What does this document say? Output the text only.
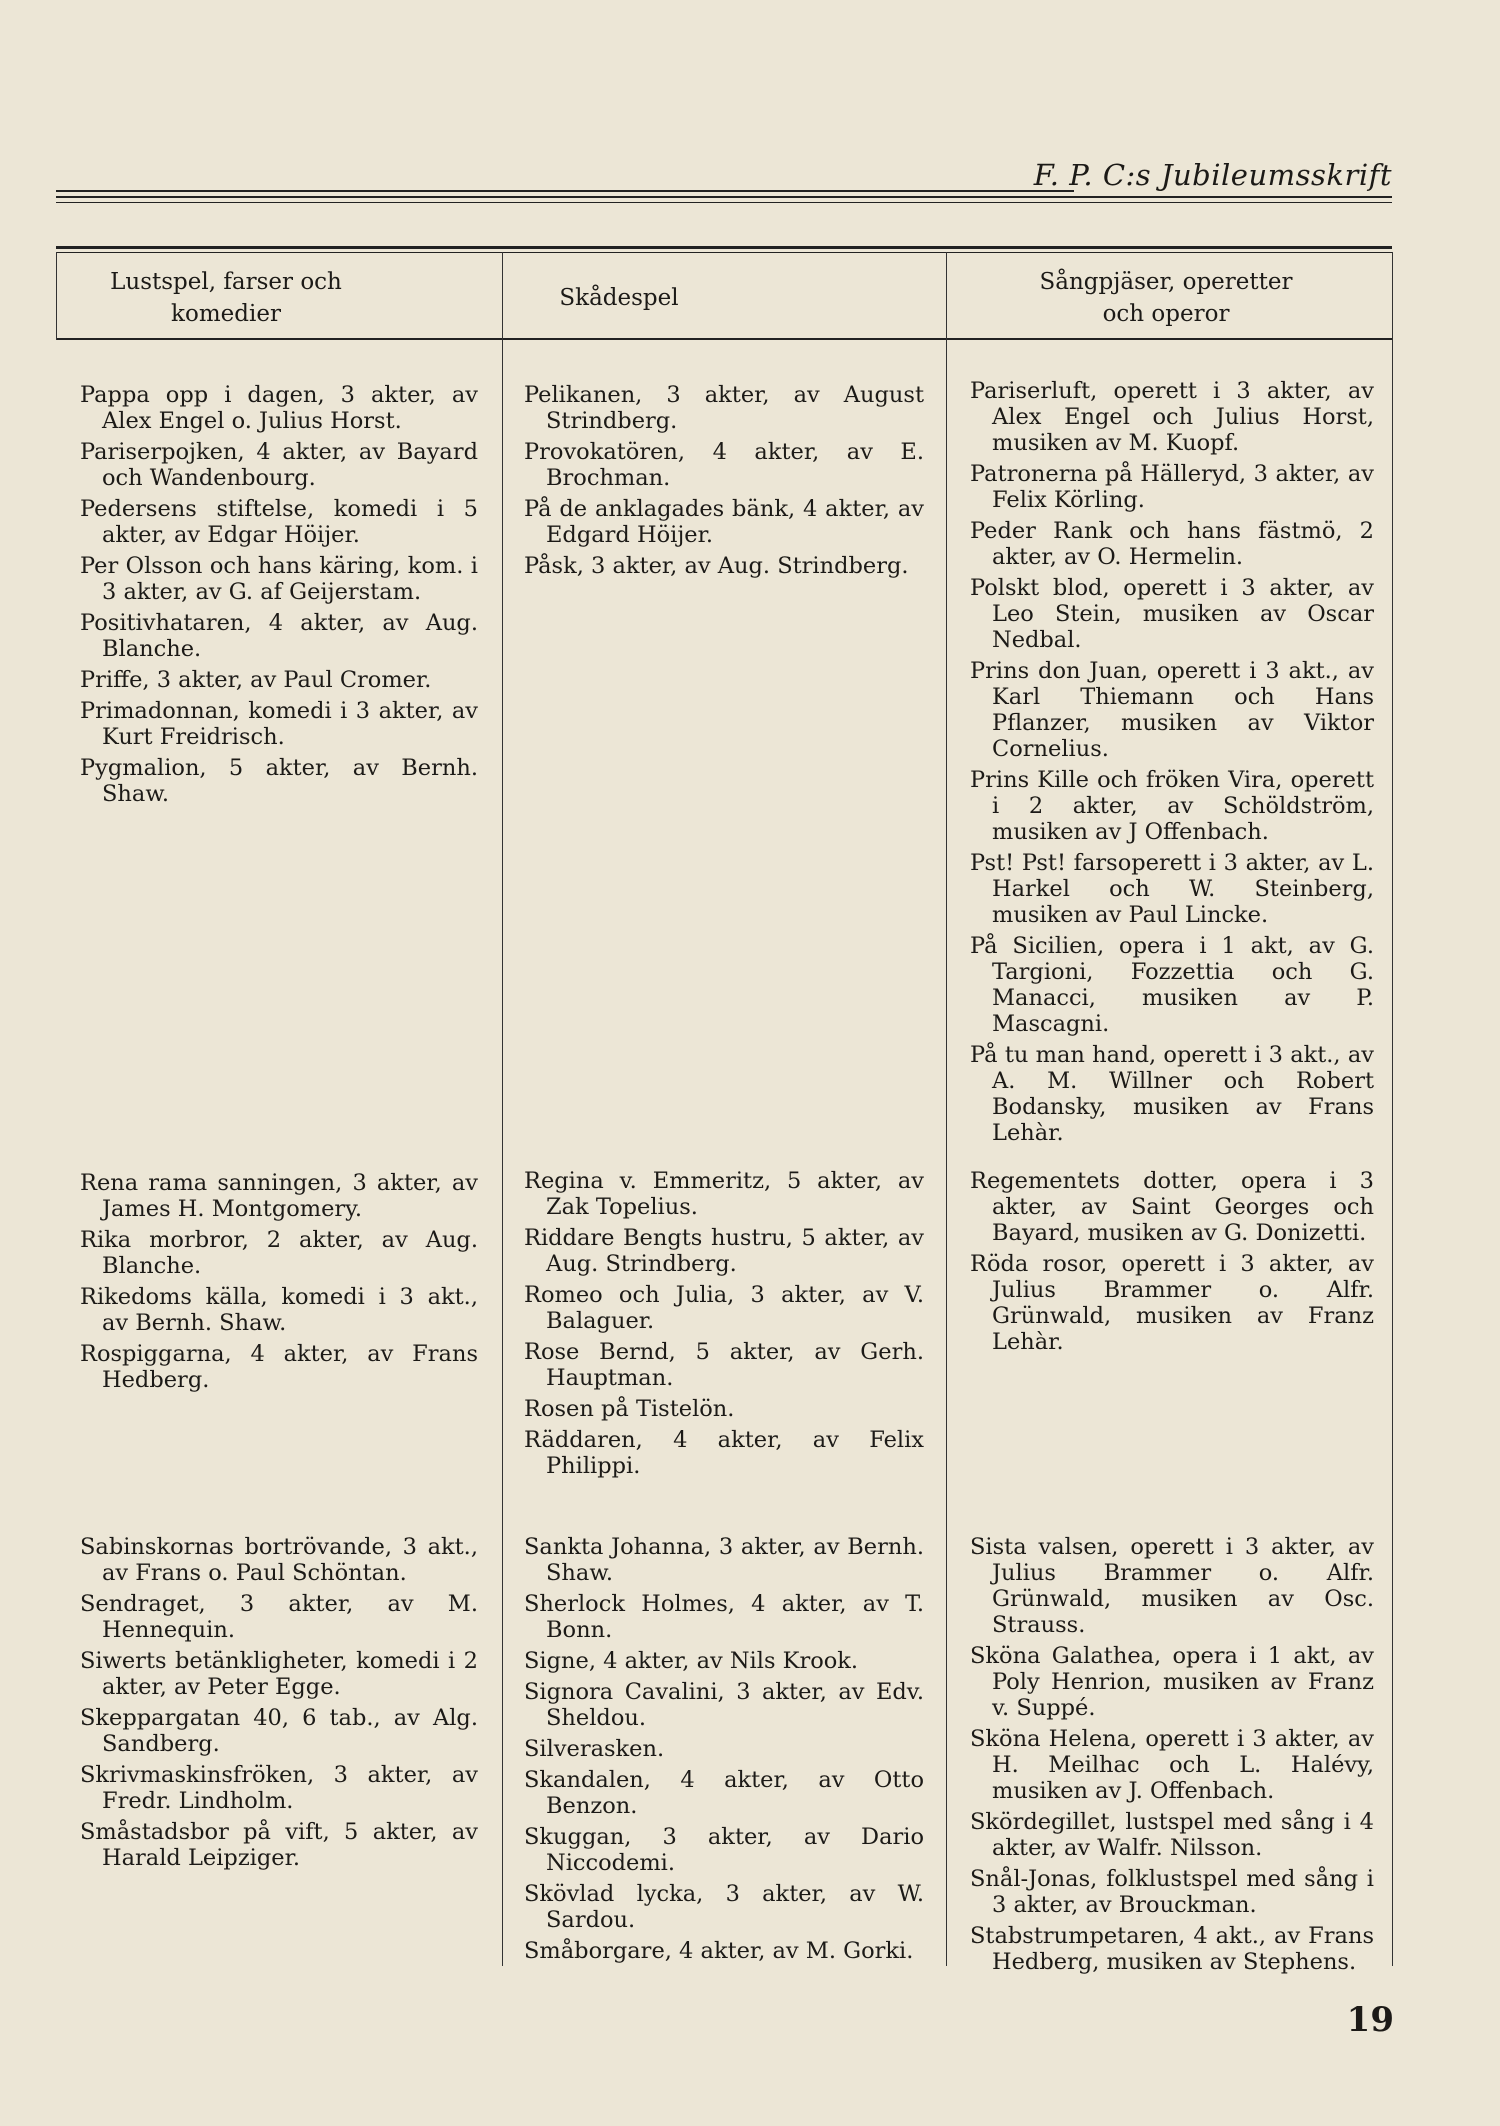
F. P. C:s Jubileumsskrift
Lustspel, farser och komedier
Skådespel
Sångpjäser, operetter och operor

Pappa opp i dagen, 3 akter, av Alex Engel o. Julius Horst.

Pariserpojken, 4 akter, av Bayard och Wandenbourg.

Pedersens stiftelse, komedi i 5 akter, av Edgar Höijer.

Per Olsson och hans käring, kom. i 3 akter, av G. af Geijerstam.

Positivhataren, 4 akter, av Aug. Blanche.

Priffe, 3 akter, av Paul Cromer.

Primadonnan, komedi i 3 akter, av Kurt Freidrisch.

Pygmalion, 5 akter, av Bernh. Shaw.

Pelikanen, 3 akter, av August Strindberg.

Provokatören, 4 akter, av E. Brochman.

På de anklagades bänk, 4 akter, av Edgard Höijer.

Påsk, 3 akter, av Aug. Strindberg.

Pariserluft, operett i 3 akter, av Alex Engel och Julius Horst, musiken av M. Kuopf.

Patronerna på Hälleryd, 3 akter, av Felix Körling.

Peder Rank och hans fästmö, 2 akter, av O. Hermelin.

Polskt blod, operett i 3 akter, av Leo Stein, musiken av Oscar Nedbal.

Prins don Juan, operett i 3 akt., av Karl Thiemann och Hans Pflanzer, musiken av Viktor Cornelius.

Prins Kille och fröken Vira, operett i 2 akter, av Schöldström, musiken av J Offenbach.

Pst! Pst! farsoperett i 3 akter, av L. Harkel och W. Steinberg, musiken av Paul Lincke.

På Sicilien, opera i 1 akt, av G. Targioni, Fozzettia och G. Manacci, musiken av P. Mascagni.

På tu man hand, operett i 3 akt., av A. M. Willner och Robert Bodansky, musiken av Frans Lehàr.

Rena rama sanningen, 3 akter, av James H. Montgomery.

Rika morbror, 2 akter, av Aug. Blanche.

Rikedoms källa, komedi i 3 akt., av Bernh. Shaw.

Rospiggarna, 4 akter, av Frans Hedberg.

Regina v. Emmeritz, 5 akter, av Zak Topelius.

Riddare Bengts hustru, 5 akter, av Aug. Strindberg.

Romeo och Julia, 3 akter, av V. Balaguer.

Rose Bernd, 5 akter, av Gerh. Hauptman.

Rosen på Tistelön.

Räddaren, 4 akter, av Felix Philippi.

Regementets dotter, opera i 3 akter, av Saint Georges och Bayard, musiken av G. Donizetti.

Röda rosor, operett i 3 akter, av Julius Brammer o. Alfr. Grünwald, musiken av Franz Lehàr.

Sabinskornas bortrövande, 3 akt., av Frans o. Paul Schöntan.

Sendraget, 3 akter, av M. Hennequin.

Siwerts betänkligheter, komedi i 2 akter, av Peter Egge.

Skeppargatan 40, 6 tab., av Alg. Sandberg.

Skrivmaskinsfröken, 3 akter, av Fredr. Lindholm.

Småstadsbor på vift, 5 akter, av Harald Leipziger.

Sankta Johanna, 3 akter, av Bernh. Shaw.

Sherlock Holmes, 4 akter, av T. Bonn.

Signe, 4 akter, av Nils Krook.

Signora Cavalini, 3 akter, av Edv. Sheldou.

Silverasken.

Skandalen, 4 akter, av Otto Benzon.

Skuggan, 3 akter, av Dario Niccodemi.

Skövlad lycka, 3 akter, av W. Sardou.

Småborgare, 4 akter, av M. Gorki.

Sista valsen, operett i 3 akter, av Julius Brammer o. Alfr. Grünwald, musiken av Osc. Strauss.

Sköna Galathea, opera i 1 akt, av Poly Henrion, musiken av Franz v. Suppé.

Sköna Helena, operett i 3 akter, av H. Meilhac och L. Halévy, musiken av J. Offenbach.

Skördegillet, lustspel med sång i 4 akter, av Walfr. Nilsson.

Snål-Jonas, folklustspel med sång i 3 akter, av Brouckman.

Stabstrumpetaren, 4 akt., av Frans Hedberg, musiken av Stephens.

19
